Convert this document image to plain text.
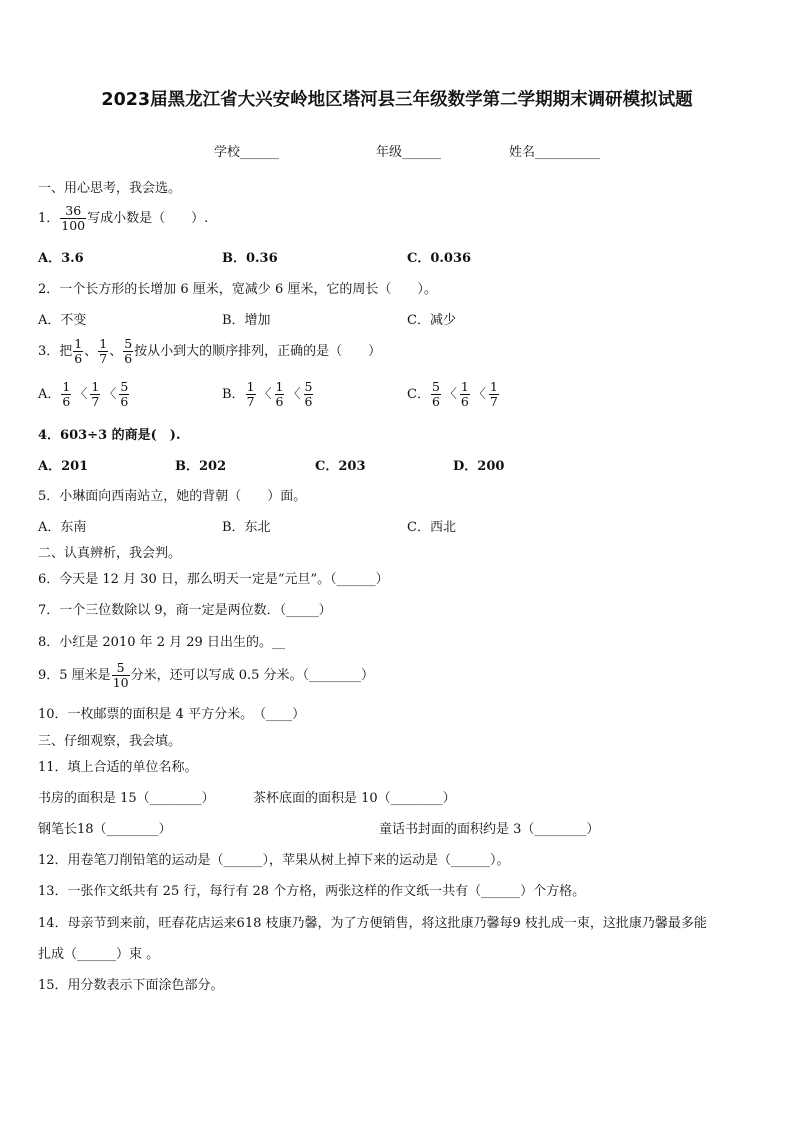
2023届黑龙江省大兴安岭地区塔河县三年级数学第二学期期末调研模拟试题
学校______	年级______	姓名__________
一、用心思考，我会选。
1． $\frac{36}{100}$ 写成小数是（　　）.
A．3.6	B．0.36	C．0.036
2．一个长方形的长增加 6 厘米，宽减少 6 厘米，它的周长（　　）。
A．不变	B．增加	C．减少
3．把 $\frac{1}{6}$ 、 $\frac{1}{7}$ 、 $\frac{5}{6}$ 按从小到大的顺序排列，正确的是（　　）
A． $\frac{1}{6}$ 〈 $\frac{1}{7}$ 〈 $\frac{5}{6}$	B． $\frac{1}{7}$ 〈 $\frac{1}{6}$ 〈 $\frac{5}{6}$	C． $\frac{5}{6}$ 〈 $\frac{1}{6}$ 〈 $\frac{1}{7}$
4．603÷3 的商是(　).
A．201	B．202	C．203	D．200
5．小琳面向西南站立，她的背朝（　　）面。
A．东南	B．东北	C．西北
二、认真辨析，我会判。
6．今天是 12 月 30 日，那么明天一定是“元旦”。（______）
7．一个三位数除以 9，商一定是两位数．（_____）
8．小红是 2010 年 2 月 29 日出生的。__
9．5 厘米是 $\frac{5}{10}$ 分米，还可以写成 0.5 分米。（________）
10．一枚邮票的面积是 4 平方分米。　（____）
三、仔细观察，我会填。
11．填上合适的单位名称。
书房的面积是 15（________）	茶杯底面的面积是 10（________）
钢笔长18（________）	童话书封面的面积约是 3（________）
12．用卷笔刀削铅笔的运动是（______），苹果从树上掉下来的运动是（______）。
13．一张作文纸共有 25 行，每行有 28 个方格，两张这样的作文纸一共有（______）个方格。
14．母亲节到来前，旺春花店运来618 枝康乃馨，为了方便销售，将这批康乃馨每9 枝扎成一束，这批康乃馨最多能
扎成（______）束 。
15．用分数表示下面涂色部分。
